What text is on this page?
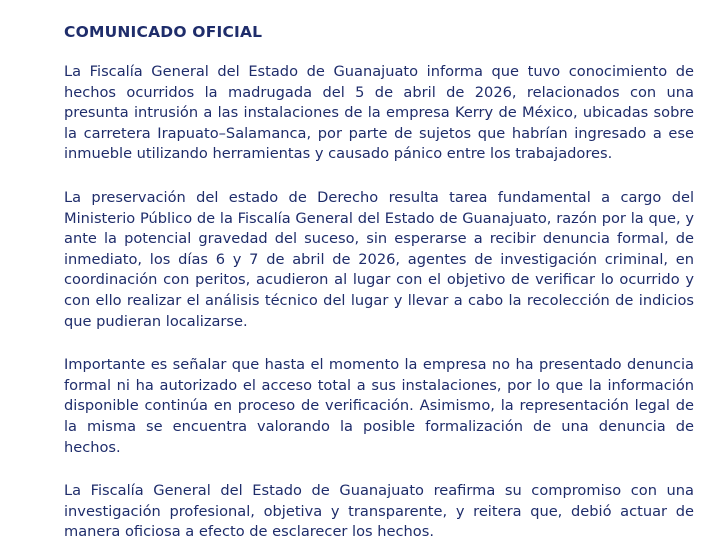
COMUNICADO OFICIAL

La Fiscalía General del Estado de Guanajuato informa que tuvo conocimiento de hechos ocurridos la madrugada del 5 de abril de 2026, relacionados con una presunta intrusión a las instalaciones de la empresa Kerry de México, ubicadas sobre la carretera Irapuato–Salamanca, por parte de sujetos que habrían ingresado a ese inmueble utilizando herramientas y causado pánico entre los trabajadores.

La preservación del estado de Derecho resulta tarea fundamental a cargo del Ministerio Público de la Fiscalía General del Estado de Guanajuato, razón por la que, y ante la potencial gravedad del suceso, sin esperarse a recibir denuncia formal, de inmediato, los días 6 y 7 de abril de 2026, agentes de investigación criminal, en coordinación con peritos, acudieron al lugar con el objetivo de verificar lo ocurrido y con ello realizar el análisis técnico del lugar y llevar a cabo la recolección de indicios que pudieran localizarse.

Importante es señalar que hasta el momento la empresa no ha presentado denuncia formal ni ha autorizado el acceso total a sus instalaciones, por lo que la información disponible continúa en proceso de verificación. Asimismo, la representación legal de la misma se encuentra valorando la posible formalización de una denuncia de hechos.

La Fiscalía General del Estado de Guanajuato reafirma su compromiso con una investigación profesional, objetiva y transparente, y reitera que, debió actuar de manera oficiosa a efecto de esclarecer los hechos.
